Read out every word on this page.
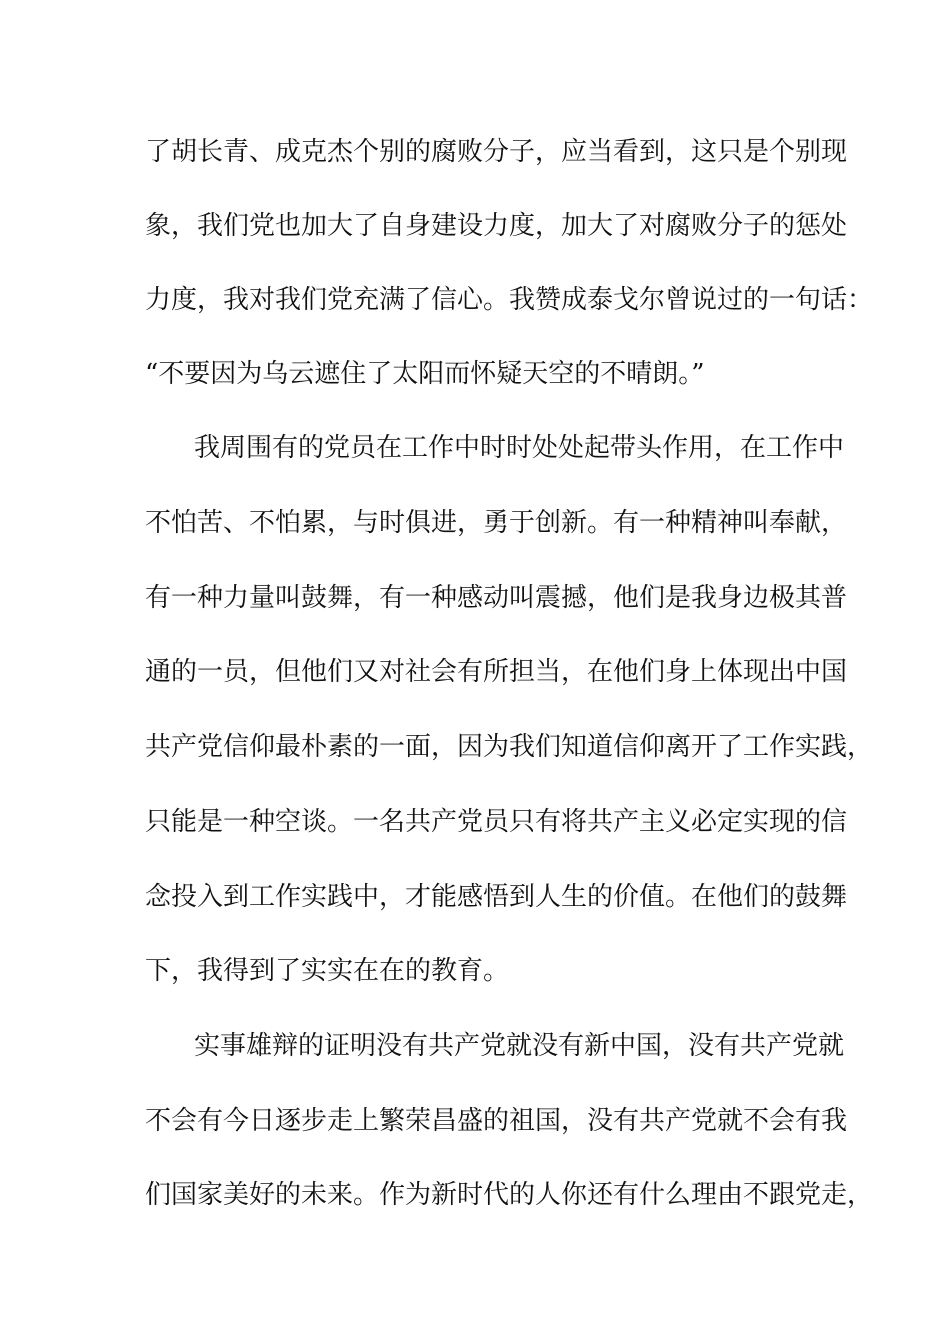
了胡长青、成克杰个别的腐败分子，应当看到，这只是个别现
象，我们党也加大了自身建设力度，加大了对腐败分子的惩处
力度，我对我们党充满了信心。我赞成泰戈尔曾说过的一句话：
“不要因为乌云遮住了太阳而怀疑天空的不晴朗。”
我周围有的党员在工作中时时处处起带头作用，在工作中
不怕苦、不怕累，与时俱进，勇于创新。有一种精神叫奉献，
有一种力量叫鼓舞，有一种感动叫震撼，他们是我身边极其普
通的一员，但他们又对社会有所担当，在他们身上体现出中国
共产党信仰最朴素的一面，因为我们知道信仰离开了工作实践，
只能是一种空谈。一名共产党员只有将共产主义必定实现的信
念投入到工作实践中，才能感悟到人生的价值。在他们的鼓舞
下，我得到了实实在在的教育。
实事雄辩的证明没有共产党就没有新中国，没有共产党就
不会有今日逐步走上繁荣昌盛的祖国，没有共产党就不会有我
们国家美好的未来。作为新时代的人你还有什么理由不跟党走，
